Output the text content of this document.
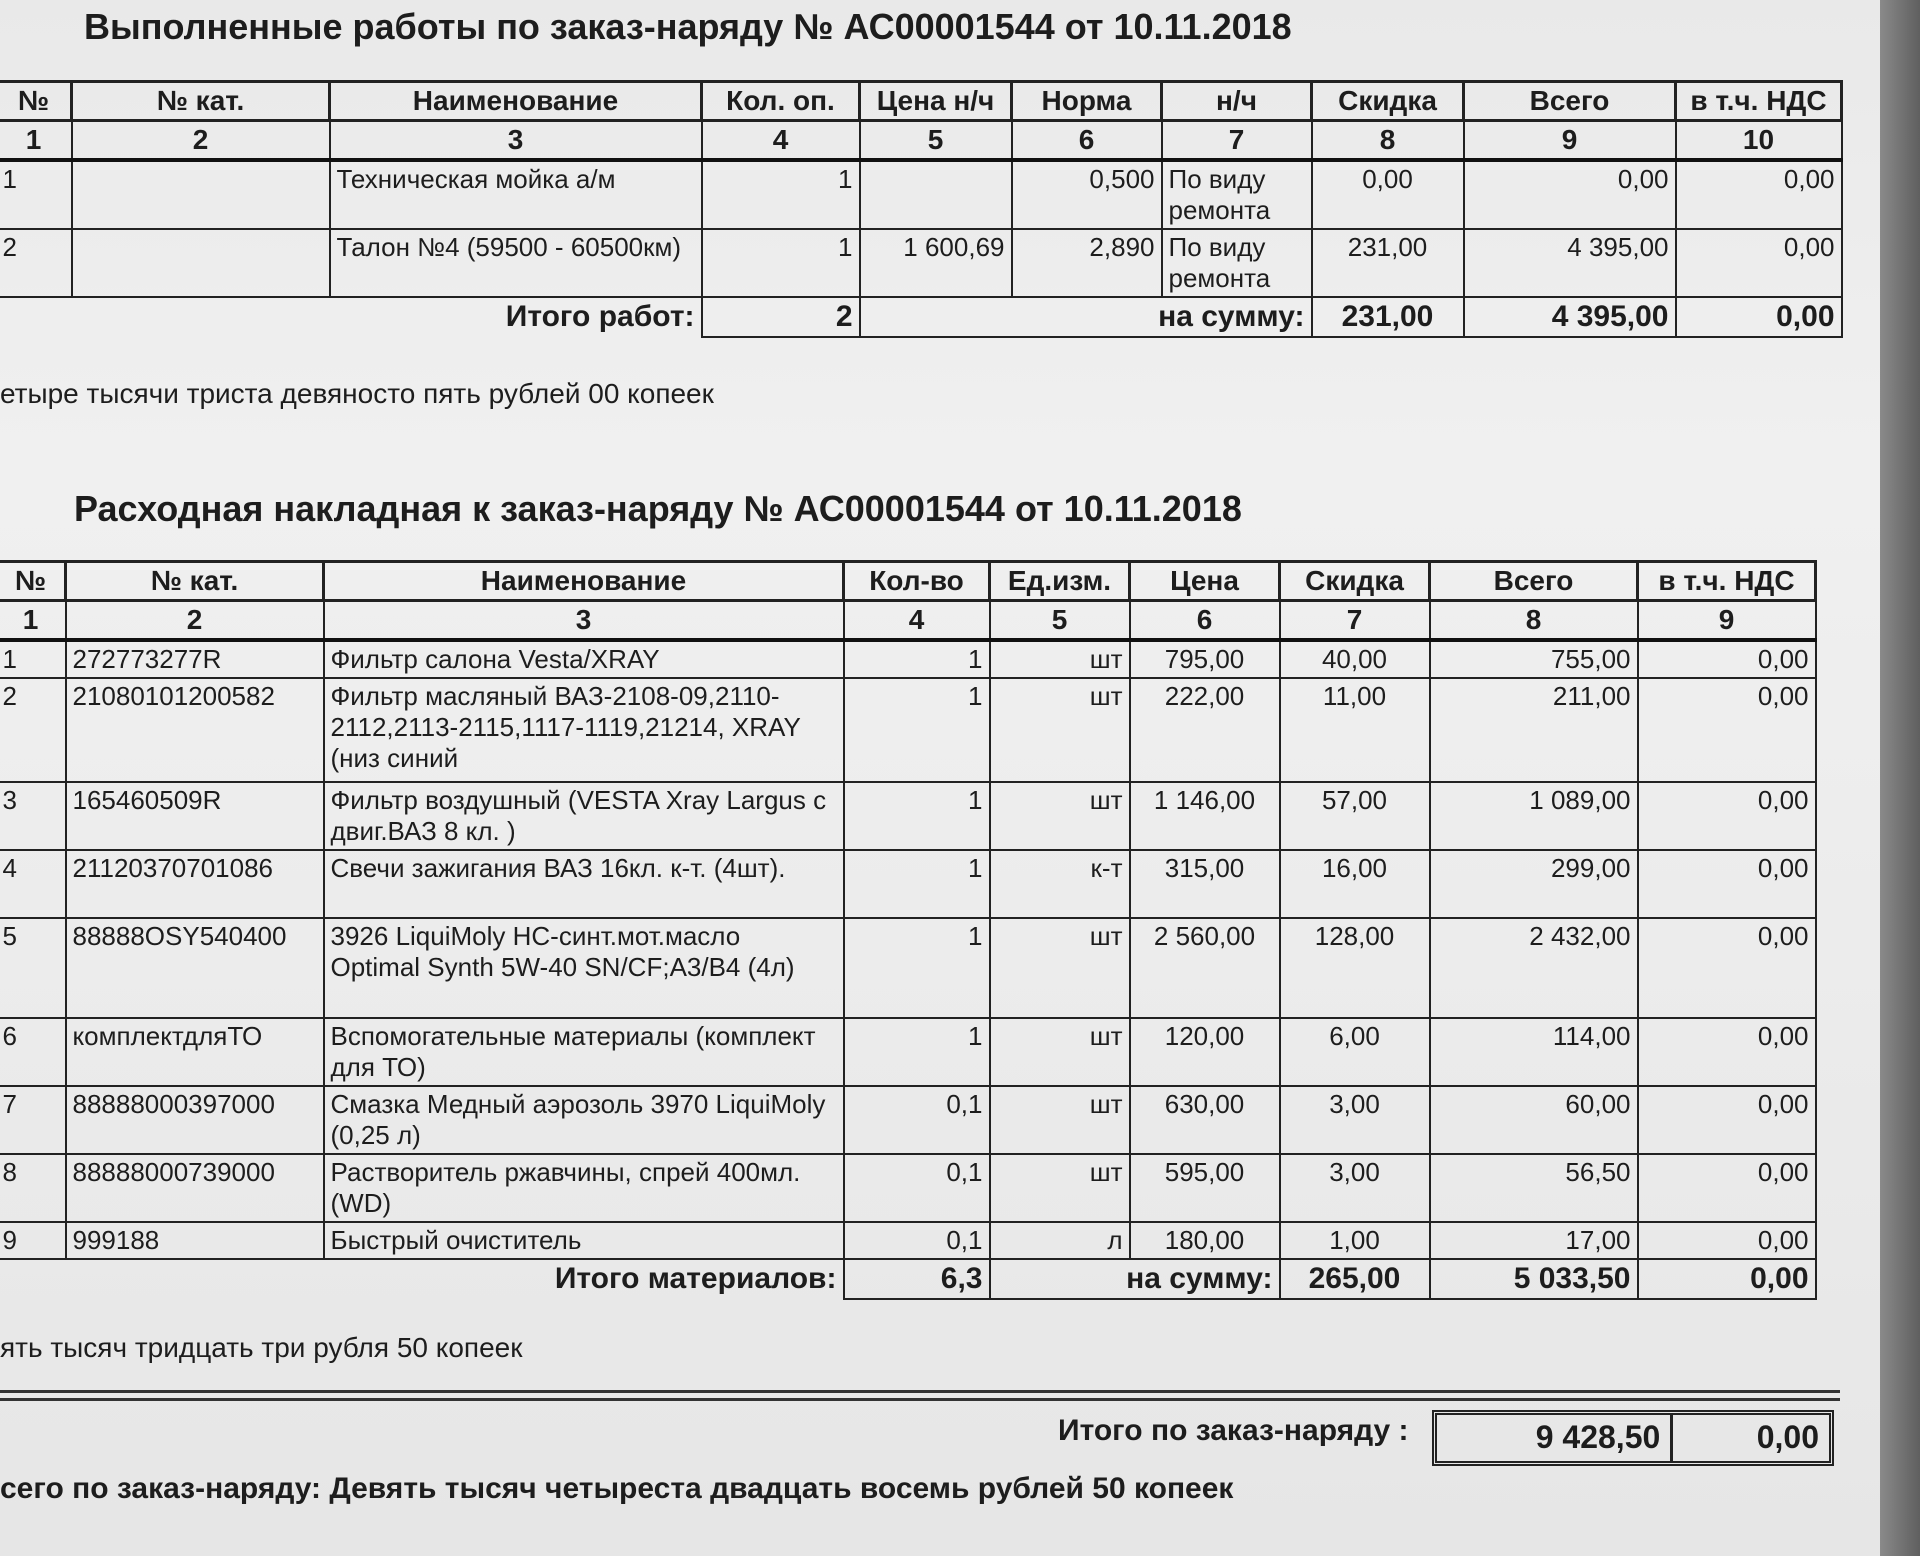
Выполненные работы по заказ-наряду № АС00001544 от 10.11.2018
№	№ кат.	Наименование	Кол. оп.	Цена н/ч	Норма	н/ч	Скидка	Всего	в т.ч. НДС
1	2	3	4	5	6	7	8	9	10
1		Техническая мойка а/м	1		0,500	По виду ремонта	0,00	0,00	0,00
2		Талон №4 (59500 - 60500км)	1	1 600,69	2,890	По виду ремонта	231,00	4 395,00	0,00
Итого работ:			2	на сумму:			231,00	4 395,00	0,00
етыре тысячи триста девяносто пять рублей 00 копеек
Расходная накладная к заказ-наряду № АС00001544 от 10.11.2018
№	№ кат.	Наименование	Кол-во	Ед.изм.	Цена	Скидка	Всего	в т.ч. НДС
1	2	3	4	5	6	7	8	9
1	272773277R	Фильтр салона Vesta/XRAY	1	шт	795,00	40,00	755,00	0,00
2	21080101200582	Фильтр масляный ВАЗ-2108-09,2110-2112,2113-2115,1117-1119,21214, XRAY (низ синий	1	шт	222,00	11,00	211,00	0,00
3	165460509R	Фильтр воздушный (VESTA Xray Largus с двиг.ВАЗ 8 кл. )	1	шт	1 146,00	57,00	1 089,00	0,00
4	21120370701086	Свечи зажигания ВАЗ 16кл. к-т. (4шт).	1	к-т	315,00	16,00	299,00	0,00
5	88888OSY540400	3926 LiquiMoly НС-синт.мот.масло Optimal Synth 5W-40 SN/CF;A3/B4 (4л)	1	шт	2 560,00	128,00	2 432,00	0,00
6	комплектдляТО	Вспомогательные материалы (комплект для ТО)	1	шт	120,00	6,00	114,00	0,00
7	88888000397000	Смазка Медный аэрозоль 3970 LiquiMoly (0,25 л)	0,1	шт	630,00	3,00	60,00	0,00
8	88888000739000	Растворитель ржавчины, спрей 400мл.(WD)	0,1	шт	595,00	3,00	56,50	0,00
9	999188	Быстрый очиститель	0,1	л	180,00	1,00	17,00	0,00
Итого материалов:			6,3	на сумму:		265,00	5 033,50	0,00
ять тысяч тридцать три рубля 50 копеек
Итого по заказ-наряду :	9 428,50	0,00
сего по заказ-наряду: Девять тысяч четыреста двадцать восемь рублей 50 копеек
